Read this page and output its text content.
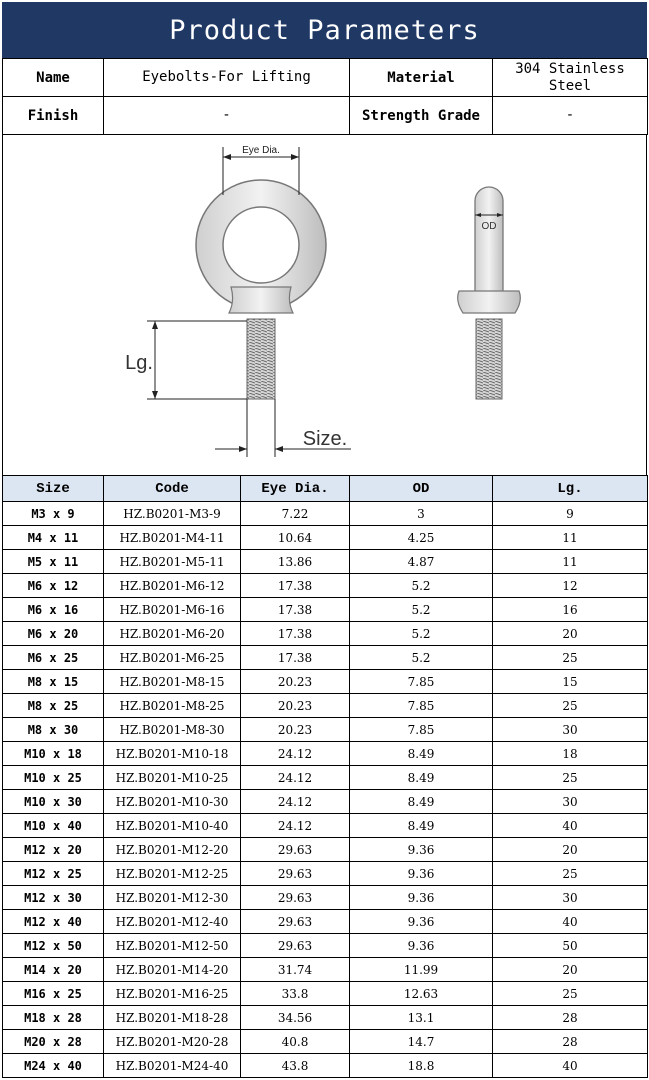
Product Parameters
Name	Eyebolts-For Lifting	Material	304 Stainless Steel
Finish	-	Strength Grade	-
Eye Dia.
Lg.
Size.
OD
Size	Code	Eye Dia.	OD	Lg.
M3 x 9	HZ.B0201-M3-9	7.22	3	9
M4 x 11	HZ.B0201-M4-11	10.64	4.25	11
M5 x 11	HZ.B0201-M5-11	13.86	4.87	11
M6 x 12	HZ.B0201-M6-12	17.38	5.2	12
M6 x 16	HZ.B0201-M6-16	17.38	5.2	16
M6 x 20	HZ.B0201-M6-20	17.38	5.2	20
M6 x 25	HZ.B0201-M6-25	17.38	5.2	25
M8 x 15	HZ.B0201-M8-15	20.23	7.85	15
M8 x 25	HZ.B0201-M8-25	20.23	7.85	25
M8 x 30	HZ.B0201-M8-30	20.23	7.85	30
M10 x 18	HZ.B0201-M10-18	24.12	8.49	18
M10 x 25	HZ.B0201-M10-25	24.12	8.49	25
M10 x 30	HZ.B0201-M10-30	24.12	8.49	30
M10 x 40	HZ.B0201-M10-40	24.12	8.49	40
M12 x 20	HZ.B0201-M12-20	29.63	9.36	20
M12 x 25	HZ.B0201-M12-25	29.63	9.36	25
M12 x 30	HZ.B0201-M12-30	29.63	9.36	30
M12 x 40	HZ.B0201-M12-40	29.63	9.36	40
M12 x 50	HZ.B0201-M12-50	29.63	9.36	50
M14 x 20	HZ.B0201-M14-20	31.74	11.99	20
M16 x 25	HZ.B0201-M16-25	33.8	12.63	25
M18 x 28	HZ.B0201-M18-28	34.56	13.1	28
M20 x 28	HZ.B0201-M20-28	40.8	14.7	28
M24 x 40	HZ.B0201-M24-40	43.8	18.8	40
